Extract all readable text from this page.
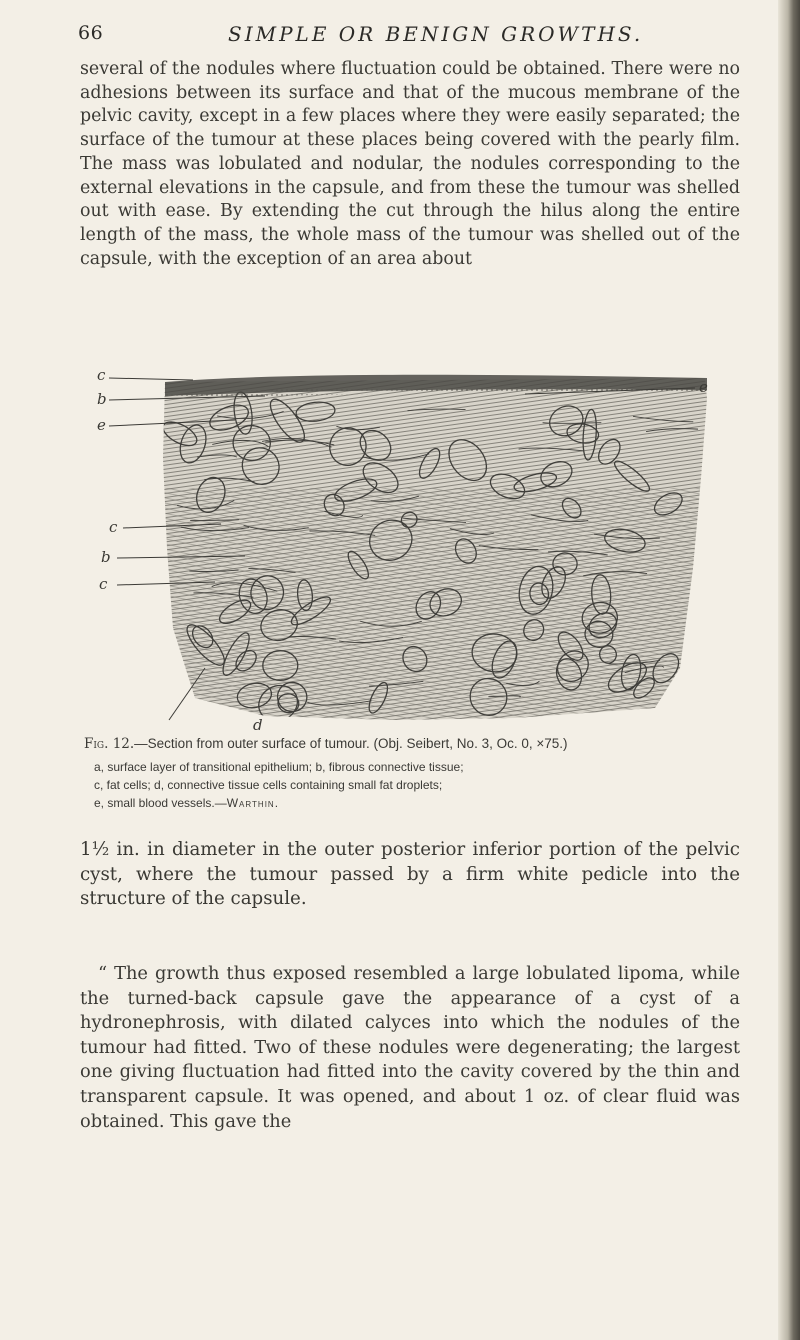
66	SIMPLE OR BENIGN GROWTHS.
several of the nodules where fluctuation could be obtained. There were no adhesions between its surface and that of the mucous membrane of the pelvic cavity, except in a few places where they were easily separated; the surface of the tumour at these places being covered with the pearly film. The mass was lobulated and nodular, the nodules corresponding to the external elevations in the capsule, and from these the tumour was shelled out with ease. By extending the cut through the hilus along the entire length of the mass, the whole mass of the tumour was shelled out of the capsule, with the exception of an area about
c
b
e
c
b
c
e
d
Fig. 12.—Section from outer surface of tumour. (Obj. Seibert, No. 3, Oc. 0, ×75.)
a, surface layer of transitional epithelium; b, fibrous connective tissue;
c, fat cells; d, connective tissue cells containing small fat droplets;
e, small blood vessels.—Warthin.
1½ in. in diameter in the outer posterior inferior portion of the pelvic cyst, where the tumour passed by a firm white pedicle into the structure of the capsule.
“ The growth thus exposed resembled a large lobulated lipoma, while the turned-back capsule gave the appearance of a cyst of a hydronephrosis, with dilated calyces into which the nodules of the tumour had fitted. Two of these nodules were degenerating; the largest one giving fluctuation had fitted into the cavity covered by the thin and transparent capsule. It was opened, and about 1 oz. of clear fluid was obtained. This gave the
